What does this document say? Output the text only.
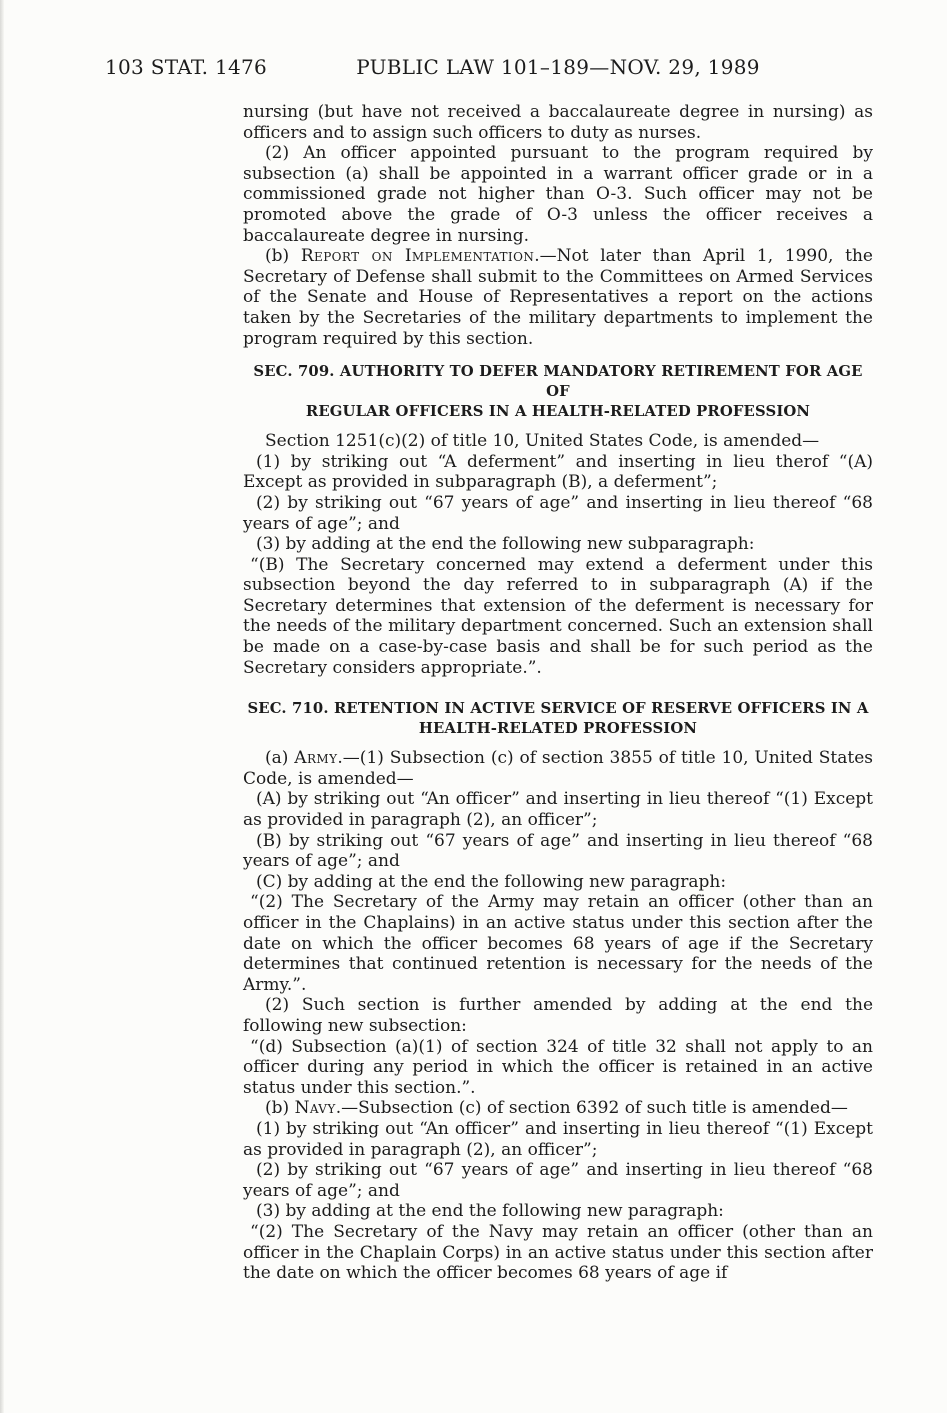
103 STAT. 1476	PUBLIC LAW 101–189—NOV. 29, 1989

nursing (but have not received a baccalaureate degree in nursing) as officers and to assign such officers to duty as nurses.

(2) An officer appointed pursuant to the program required by subsection (a) shall be appointed in a warrant officer grade or in a commissioned grade not higher than O-3. Such officer may not be promoted above the grade of O-3 unless the officer receives a baccalaureate degree in nursing.

(b) Report on Implementation.—Not later than April 1, 1990, the Secretary of Defense shall submit to the Committees on Armed Services of the Senate and House of Representatives a report on the actions taken by the Secretaries of the military departments to implement the program required by this section.

SEC. 709. AUTHORITY TO DEFER MANDATORY RETIREMENT FOR AGE OF
REGULAR OFFICERS IN A HEALTH-RELATED PROFESSION

Section 1251(c)(2) of title 10, United States Code, is amended—

(1) by striking out “A deferment” and inserting in lieu therof “(A) Except as provided in subparagraph (B), a deferment”;

(2) by striking out “67 years of age” and inserting in lieu thereof “68 years of age”; and

(3) by adding at the end the following new subparagraph:

“(B) The Secretary concerned may extend a deferment under this subsection beyond the day referred to in subparagraph (A) if the Secretary determines that extension of the deferment is necessary for the needs of the military department concerned. Such an extension shall be made on a case-by-case basis and shall be for such period as the Secretary considers appropriate.”.

SEC. 710. RETENTION IN ACTIVE SERVICE OF RESERVE OFFICERS IN A
HEALTH-RELATED PROFESSION

(a) Army.—(1) Subsection (c) of section 3855 of title 10, United States Code, is amended—

(A) by striking out “An officer” and inserting in lieu thereof “(1) Except as provided in paragraph (2), an officer”;

(B) by striking out “67 years of age” and inserting in lieu thereof “68 years of age”; and

(C) by adding at the end the following new paragraph:

“(2) The Secretary of the Army may retain an officer (other than an officer in the Chaplains) in an active status under this section after the date on which the officer becomes 68 years of age if the Secretary determines that continued retention is necessary for the needs of the Army.”.

(2) Such section is further amended by adding at the end the following new subsection:

“(d) Subsection (a)(1) of section 324 of title 32 shall not apply to an officer during any period in which the officer is retained in an active status under this section.”.

(b) Navy.—Subsection (c) of section 6392 of such title is amended—

(1) by striking out “An officer” and inserting in lieu thereof “(1) Except as provided in paragraph (2), an officer”;

(2) by striking out “67 years of age” and inserting in lieu thereof “68 years of age”; and

(3) by adding at the end the following new paragraph:

“(2) The Secretary of the Navy may retain an officer (other than an officer in the Chaplain Corps) in an active status under this section after the date on which the officer becomes 68 years of age if
